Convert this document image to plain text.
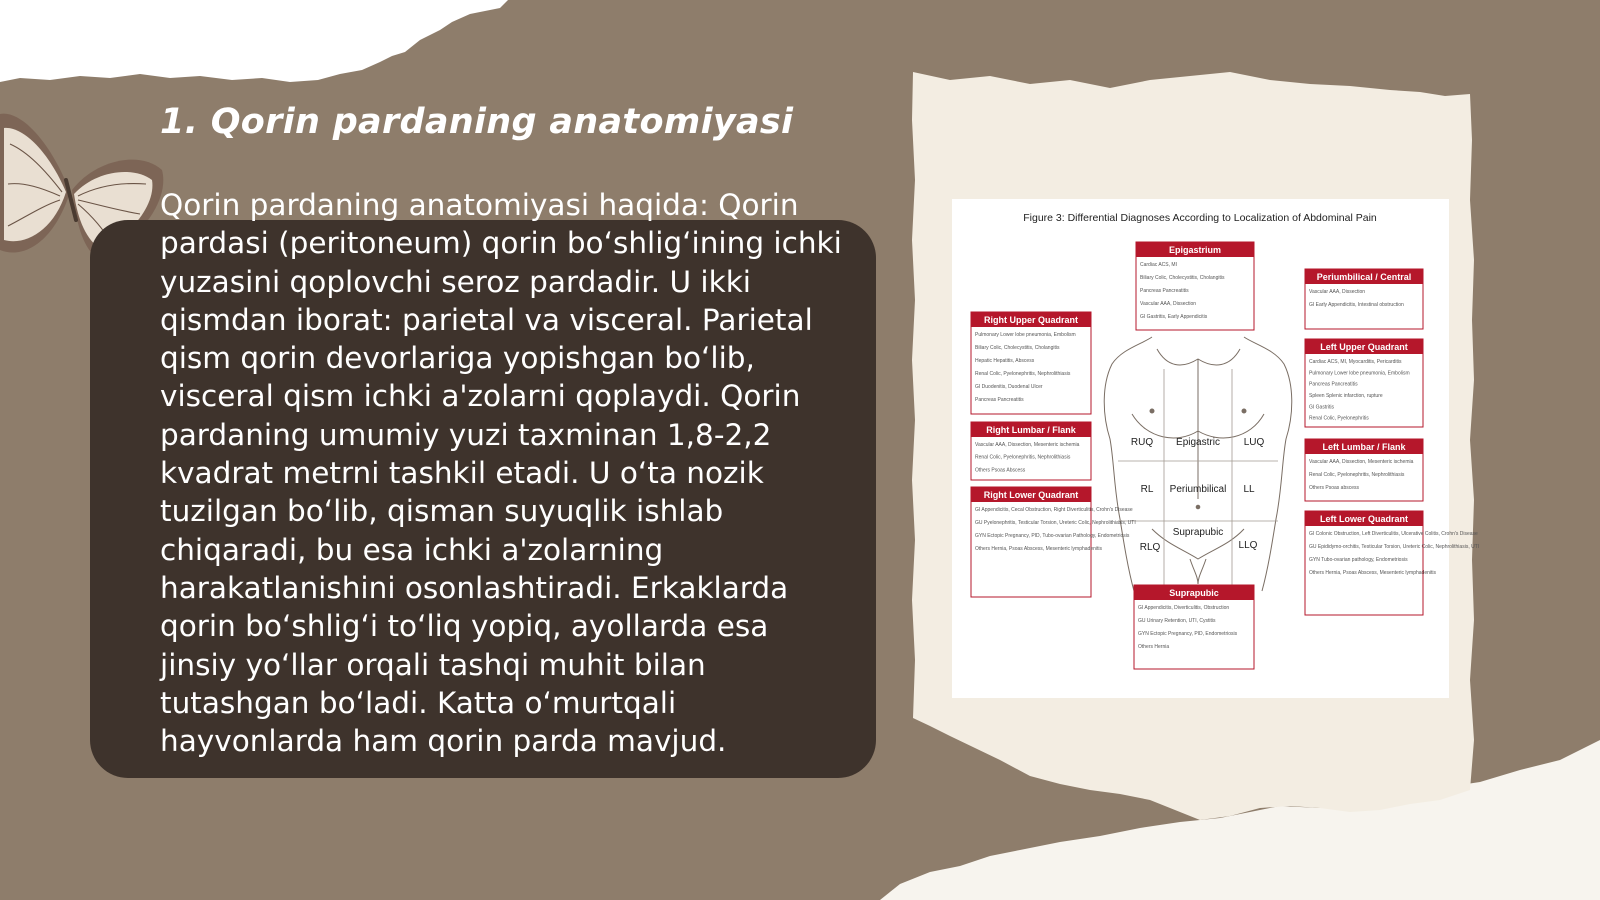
1. Qorin pardaning anatomiyasi

Qorin pardaning anatomiyasi haqida: Qorin pardasi (peritoneum) qorin bo‘shlig‘ining ichki yuzasini qoplovchi seroz pardadir. U ikki qismdan iborat: parietal va visceral. Parietal qism qorin devorlariga yopishgan bo‘lib, visceral qism ichki a'zolarni qoplaydi. Qorin pardaning umumiy yuzi taxminan 1,8-2,2 kvadrat metrni tashkil etadi. U o‘ta nozik tuzilgan bo‘lib, qisman suyuqlik ishlab chiqaradi, bu esa ichki a'zolarning harakatlanishini osonlashtiradi. Erkaklarda qorin bo‘shlig‘i to‘liq yopiq, ayollarda esa jinsiy yo‘llar orqali tashqi muhit bilan tutashgan bo‘ladi. Katta o‘murtqali hayvonlarda ham qorin parda mavjud.

Figure 3: Differential Diagnoses According to Localization of Abdominal Pain
RUQ Epigastric LUQ
RL Periumbilical LL
Suprapubic
RLQ	LLQ
Epigastrium
Cardiac ACS, MI
Biliary Colic, Cholecystitis, Cholangitis
Pancreas Pancreatitis
Vascular AAA, Dissection
GI Gastritis, Early Appendicitis
Periumbilical / Central
Vascular AAA, Dissection
GI Early Appendicitis, Intestinal obstruction
Right Upper Quadrant
Pulmonary Lower lobe pneumonia, Embolism
Biliary Colic, Cholecystitis, Cholangitis
Hepatic Hepatitis, Abscess
Renal Colic, Pyelonephritis, Nephrolithiasis
GI Duodenitis, Duodenal Ulcer
Pancreas Pancreatitis
Left Upper Quadrant
Cardiac ACS, MI, Myocarditis, Pericarditis
Pulmonary Lower lobe pneumonia, Embolism
Pancreas Pancreatitis
Spleen Splenic infarction, rupture
GI Gastritis
Renal Colic, Pyelonephritis
Right Lumbar / Flank
Vascular AAA, Dissection, Mesenteric ischemia
Renal Colic, Pyelonephritis, Nephrolithiasis
Others Psoas Abscess
Left Lumbar / Flank
Vascular AAA, Dissection, Mesenteric ischemia
Renal Colic, Pyelonephritis, Nephrolithiasis
Others Psoas abscess
Right Lower Quadrant
GI Appendicitis, Cecal Obstruction, Right Diverticulitis, Crohn's Disease
GU Pyelonephritis, Testicular Torsion, Ureteric Colic, Nephrolithiasis, UTI
GYN Ectopic Pregnancy, PID, Tubo-ovarian Pathology, Endometriosis
Others Hernia, Psoas Abscess, Mesenteric lymphadenitis
Left Lower Quadrant
GI Colonic Obstruction, Left Diverticulitis, Ulcerative Colitis, Crohn's Disease
GU Epididymo-orchitis, Testicular Torsion, Ureteric Colic, Nephrolithiasis, UTI
GYN Tubo-ovarian pathology, Endometriosis
Others Hernia, Psoas Abscess, Mesenteric lymphadenitis
Suprapubic
GI Appendicitis, Diverticulitis, Obstruction
GU Urinary Retention, UTI, Cystitis
GYN Ectopic Pregnancy, PID, Endometriosis
Others Hernia
